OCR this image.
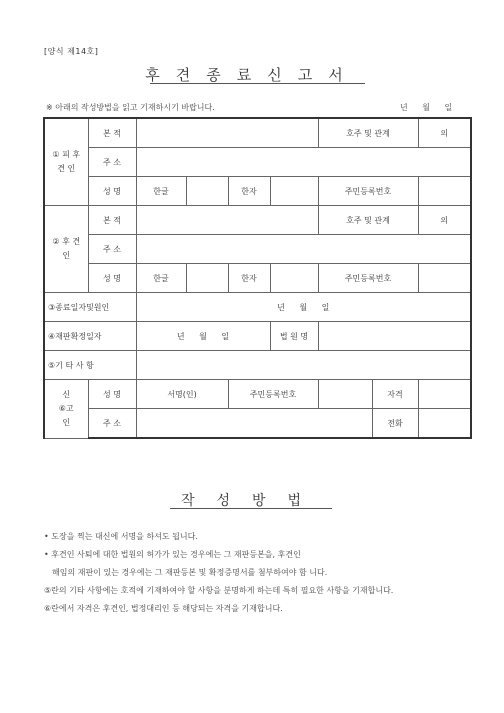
[양식 제14호]
후견종료신고서
※ 아래의 작성방법을 읽고 기재하시기 바랍니다.	년 월 일
① 피 후 견 인	본 적					호주 및 관계		의
	주 소							
	성 명	한글		한자		주민등록번호		
② 후 견 인	본 적					호주 및 관계		의
	주 소							
	성 명	한글		한자		주민등록번호		
③종료일자및원인		년 월 일						
④재판확정일자		년 월 일			법 원 명			
⑤기 타 사 항								
신
⑥고
인	성 명	서명(인)		주민등록번호			자격	
	주 소						전화	
작성방법

• 도장을 찍는 대신에 서명을 하셔도 됩니다.

• 후견인 사퇴에 대한 법원의 허가가 있는 경우에는 그 재판등본을, 후견인

해임의 재판이 있는 경우에는 그 재판등본 및 확정증명서를 첨부하여야 함 니다.

⑤란의 기타 사항에는 호적에 기재하여야 할 사항을 분명하게 하는데 특히 필요한 사항을 기재합니다.

⑥란에서 자격은 후견인, 법정대리인 등 해당되는 자격을 기재합니다.
